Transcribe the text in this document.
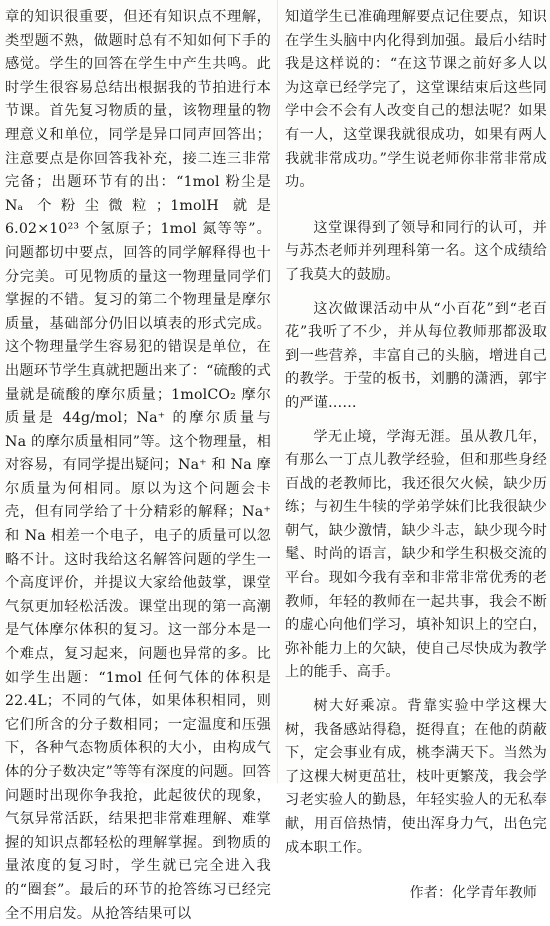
章的知识很重要，但还有知识点不理解，类型题不熟，做题时总有不知如何下手的感觉。学生的回答在学生中产生共鸣。此时学生很容易总结出根据我的节拍进行本节课。首先复习物质的量，该物理量的物理意义和单位，同学是异口同声回答出；注意要点是你回答我补充，接二连三非常完备；出题环节有的出：“1mol 粉尘是 Nₐ 个粉尘微粒；1molH 就是 6.02×10²³ 个氢原子；1mol 氮等等”。问题都切中要点，回答的同学解释得也十分完美。可见物质的量这一物理量同学们掌握的不错。复习的第二个物理量是摩尔质量，基础部分仍旧以填表的形式完成。这个物理量学生容易犯的错误是单位，在出题环节学生真就把题出来了：“硫酸的式量就是硫酸的摩尔质量；1molCO₂ 摩尔质量是 44g/mol；Na⁺ 的摩尔质量与 Na 的摩尔质量相同”等。这个物理量，相对容易，有同学提出疑问；Na⁺ 和 Na 摩尔质量为何相同。原以为这个问题会卡壳，但有同学给了十分精彩的解释；Na⁺ 和 Na 相差一个电子，电子的质量可以忽略不计。这时我给这名解答问题的学生一个高度评价，并提议大家给他鼓掌，课堂气氛更加轻松活泼。课堂出现的第一高潮是气体摩尔体积的复习。这一部分本是一个难点，复习起来，问题也异常的多。比如学生出题：“1mol 任何气体的体积是 22.4L；不同的气体，如果体积相同，则它们所含的分子数相同；一定温度和压强下，各种气态物质体积的大小，由构成气体的分子数决定”等等有深度的问题。回答问题时出现你争我抢，此起彼伏的现象，气氛异常活跃，结果把非常难理解、难掌握的知识点都轻松的理解掌握。到物质的量浓度的复习时，学生就已完全进入我的“圈套”。最后的环节的抢答练习已经完全不用启发。从抢答结果可以

知道学生已准确理解要点记住要点，知识在学生头脑中内化得到加强。最后小结时我是这样说的：“在这节课之前好多人以为这章已经学完了，这堂课结束后这些同学中会不会有人改变自己的想法呢？如果有一人，这堂课我就很成功，如果有两人我就非常成功。”学生说老师你非常非常成功。

这堂课得到了领导和同行的认可，并与苏杰老师并列理科第一名。这个成绩给了我莫大的鼓励。

这次做课活动中从“小百花”到“老百花”我听了不少，并从每位教师那都汲取到一些营养，丰富自己的头脑，增进自己的教学。于莹的板书，刘鹏的潇洒，郭宇的严谨……

学无止境，学海无涯。虽从教几年，有那么一丁点儿教学经验，但和那些身经百战的老教师比，我还很欠火候，缺少历练；与初生牛犊的学弟学妹们比我很缺少朝气，缺少激情，缺少斗志，缺少现今时髦、时尚的语言，缺少和学生积极交流的平台。现如今我有幸和非常非常优秀的老教师，年轻的教师在一起共事，我会不断的虚心向他们学习，填补知识上的空白，弥补能力上的欠缺，使自己尽快成为教学上的能手、高手。

树大好乘凉。背靠实验中学这棵大树，我备感站得稳，挺得直；在他的荫蔽下，定会事业有成，桃李满天下。当然为了这棵大树更茁壮，枝叶更繁茂，我会学习老实验人的勤恳，年轻实验人的无私奉献，用百倍热情，使出浑身力气，出色完成本职工作。

作者：化学青年教师
